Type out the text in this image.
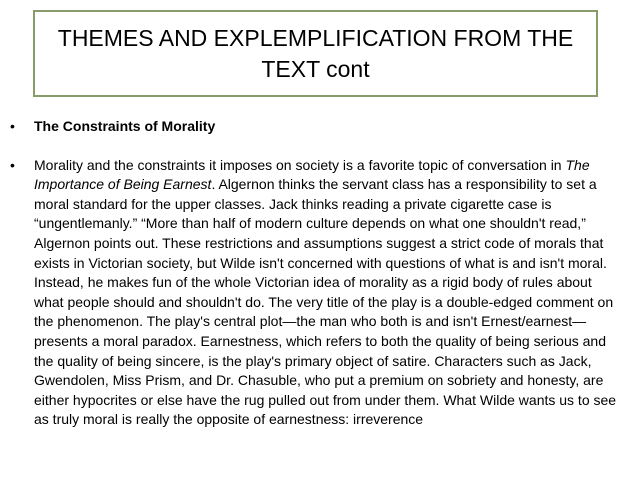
THEMES AND EXPLEMPLIFICATION FROM THE TEXT cont
•	The Constraints of Morality
•	Morality and the constraints it imposes on society is a favorite topic of conversation in The Importance of Being Earnest. Algernon thinks the servant class has a responsibility to set a moral standard for the upper classes. Jack thinks reading a private cigarette case is “ungentlemanly.” “More than half of modern culture depends on what one shouldn't read,” Algernon points out. These restrictions and assumptions suggest a strict code of morals that exists in Victorian society, but Wilde isn't concerned with questions of what is and isn't moral. Instead, he makes fun of the whole Victorian idea of morality as a rigid body of rules about what people should and shouldn't do. The very title of the play is a double-edged comment on the phenomenon. The play's central plot—the man who both is and isn't Ernest/earnest—presents a moral paradox. Earnestness, which refers to both the quality of being serious and the quality of being sincere, is the play's primary object of satire. Characters such as Jack, Gwendolen, Miss Prism, and Dr. Chasuble, who put a premium on sobriety and honesty, are either hypocrites or else have the rug pulled out from under them. What Wilde wants us to see as truly moral is really the opposite of earnestness: irreverence
